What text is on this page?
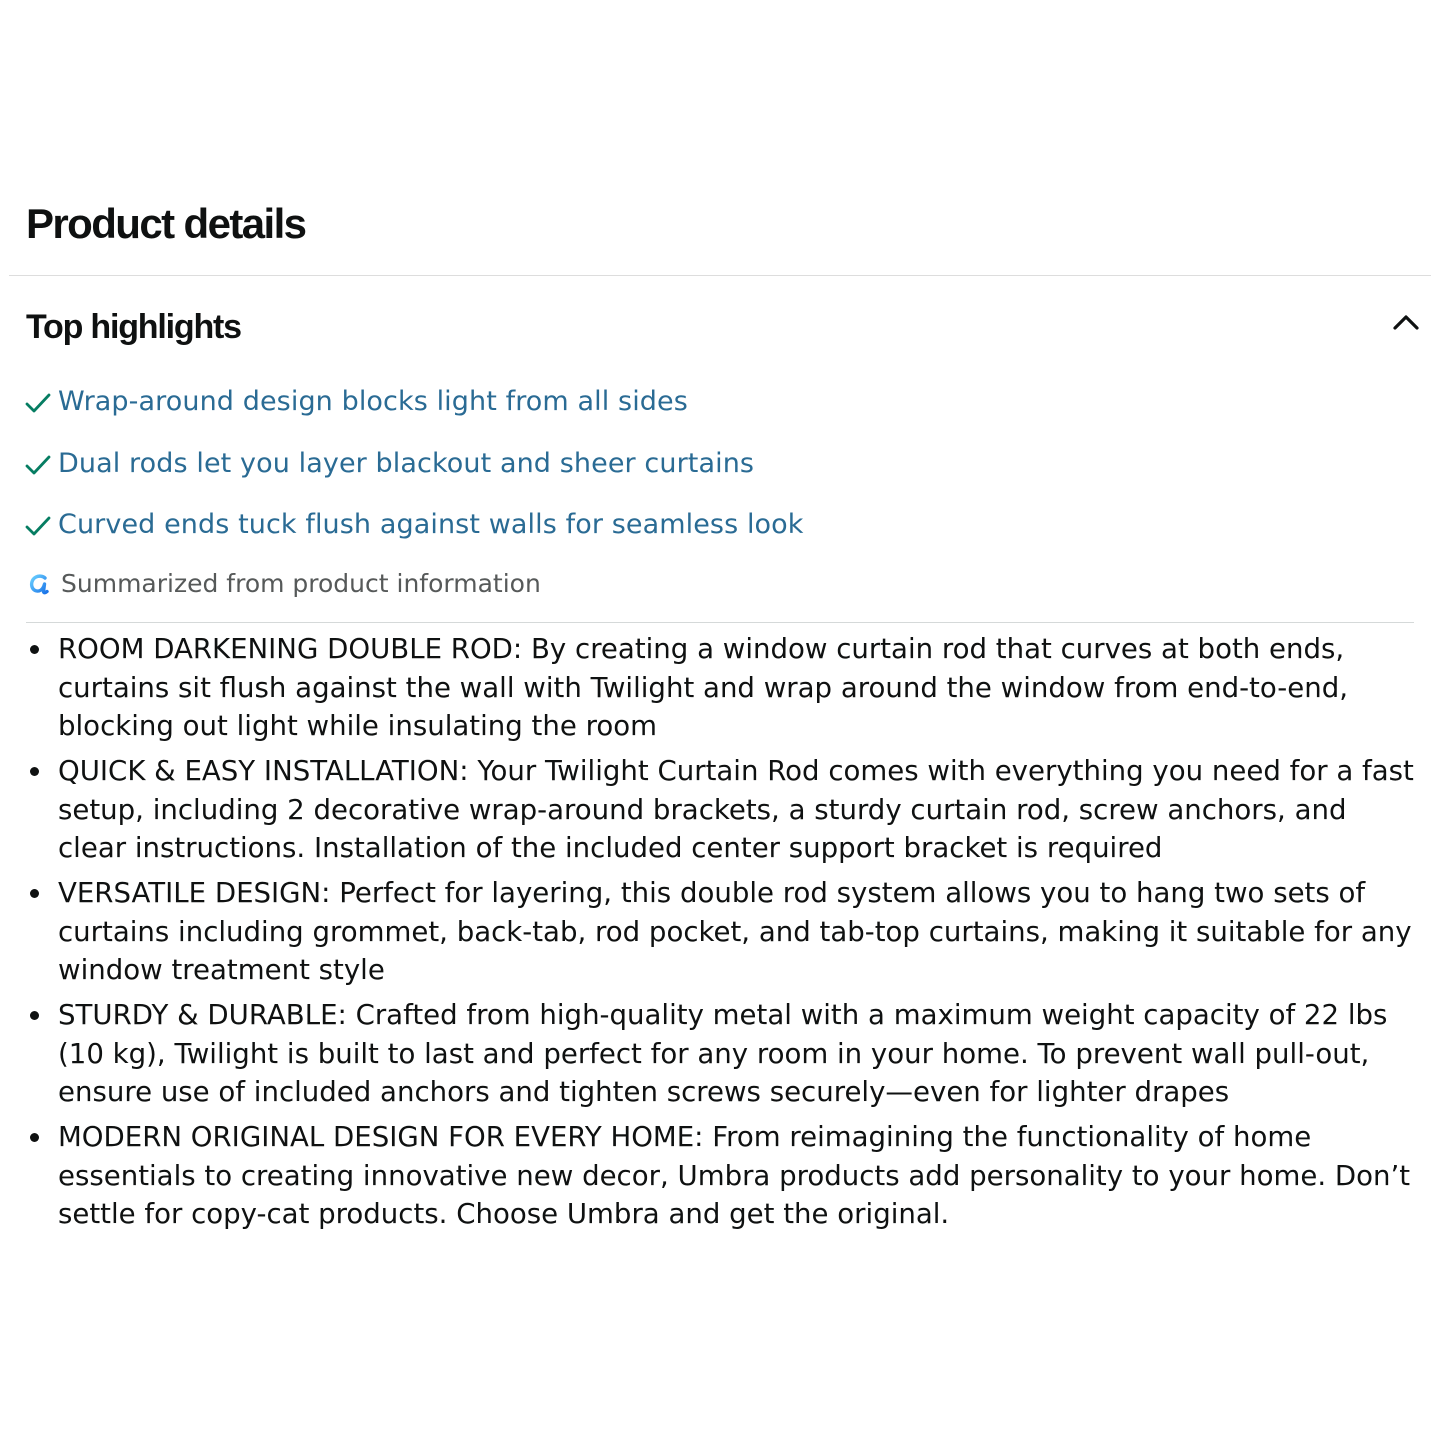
Product details
Top highlights
Wrap-around design blocks light from all sides
Dual rods let you layer blackout and sheer curtains
Curved ends tuck flush against walls for seamless look
Summarized from product information
ROOM DARKENING DOUBLE ROD: By creating a window curtain rod that curves at both ends, curtains sit flush against the wall with Twilight and wrap around the window from end-to-end, blocking out light while insulating the room
QUICK & EASY INSTALLATION: Your Twilight Curtain Rod comes with everything you need for a fast setup, including 2 decorative wrap-around brackets, a sturdy curtain rod, screw anchors, and clear instructions. Installation of the included center support bracket is required
VERSATILE DESIGN: Perfect for layering, this double rod system allows you to hang two sets of curtains including grommet, back-tab, rod pocket, and tab-top curtains, making it suitable for any window treatment style
STURDY & DURABLE: Crafted from high-quality metal with a maximum weight capacity of 22 lbs (10 kg), Twilight is built to last and perfect for any room in your home. To prevent wall pull-out, ensure use of included anchors and tighten screws securely—even for lighter drapes
MODERN ORIGINAL DESIGN FOR EVERY HOME: From reimagining the functionality of home essentials to creating innovative new decor, Umbra products add personality to your home. Don’t settle for copy-cat products. Choose Umbra and get the original.
